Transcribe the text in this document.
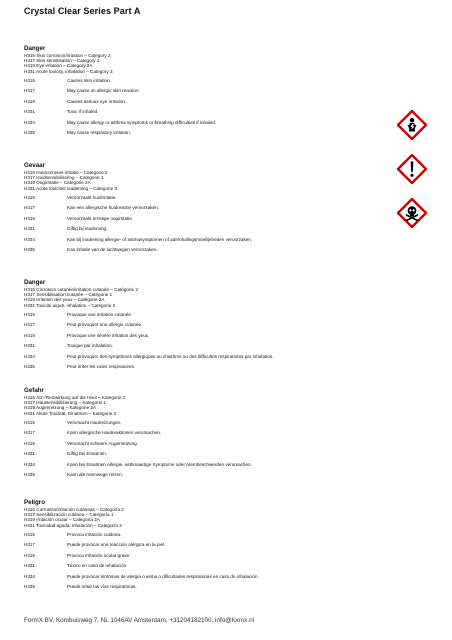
Crystal Clear Series Part A
Danger
H315 Skin corrosion/irritation – Category 2
H317 Skin sensitisation – Category 1
H319 Eye irritation – Category 2A
H331 Acute toxicity, inhalation – Category 3
H315	Causes skin irritation.
H317	May cause an allergic skin reaction.
H319	Causes serious eye irritation.
H331	Toxic if inhaled.
H334	May cause allergy or asthma symptoms or breathing difficulties if inhaled.
H335	May cause respiratory irritation.
Gevaar
H315 Huidcorrosie/-irritatie – Categorie 2
H317 Huidsensibilisering – Categorie 1
H319 Oogirritatie – Categorie 2A
H331 Acute toxiciteit inademing – Categorie 3
H315	Veroorzaakt huidirritatie.
H317	Kan een allergische huidreactie veroorzaken.
H319	Veroorzaakt ernstige oogirritatie.
H331	Giftig bij inademing.
H334	Kan bij inademing allergie- of astmasymptomen of ademhalingsmoeilijkheden veroorzaken.
H335	Kan irritatie van de luchtwegen veroorzaken.
Danger
H315 Corrosion cutanée/irritation cutanée – Catégorie 2
H317 Sensibilisation cutanée – Catégorie 1
H319 Irritation des yeux – Catégorie 2A
H331 Toxicité aiguë, inhalation – Catégorie 3
H315	Provoque une irritation cutanée.
H317	Peut provoquer une allergie cutanée.
H319	Provoque une sévère irritation des yeux.
H331	Toxique par inhalation.
H334	Peut provoquer des symptômes allergiques ou d'asthme ou des difficultés respiratoires par inhalation.
H335	Peut irriter les voies respiratoires.
Gefahr
H315 Ätz-/Reizwirkung auf die Haut – Kategorie 2
H317 Hautsensibilisierung – Kategorie 1
H319 Augenreizung – Kategorie 2A
H331 Akute Toxizität, Einatmen – Kategorie 3
H315	Verursacht Hautreizungen.
H317	Kann allergische Hautreaktionen verursachen.
H319	Verursacht schwere Augenreizung.
H331	Giftig bei Einatmen.
H334	Kann bei Einatmen Allergie, asthmaartige Symptome oder Atembeschwerden verursachen.
H335	Kann die Atemwege reizen.
Peligro
H315 Corrosión/irritación cutáneas – Categoría 2
H317 Sensibilización cutánea – Categoría 1
H319 Irritación ocular – Categoría 2A
H331 Toxicidad aguda, inhalación – Categoría 3
H315	Provoca irritación cutánea.
H317	Puede provocar una reacción alérgica en la piel.
H319	Provoca irritación ocular grave.
H331	Tóxico en caso de inhalación.
H334	Puede provocar síntomas de alergia o asma o dificultades respiratorias en caso de inhalación.
H335	Puede irritar las vías respiratorias.
FormX BV, Kombuisweg 7, NL 1046AV Amsterdam, +31204182100, info@formx.nl
